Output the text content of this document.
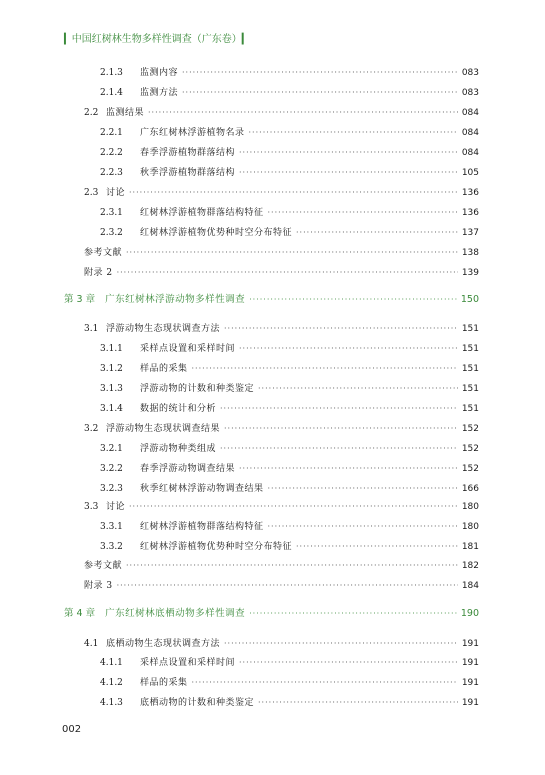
▎中国红树林生物多样性调查（广东卷）▎
2.1.3	监测内容 ·····	083
2.1.4	监测方法 ·····	083
2.2 监测结果 ·····	084
2.2.1	广东红树林浮游植物名录 ·····	084
2.2.2	春季浮游植物群落结构 ·····	084
2.2.3	秋季浮游植物群落结构 ·····	105
2.3 讨论 ·····	136
2.3.1	红树林浮游植物群落结构特征 ·····	136
2.3.2	红树林浮游植物优势种时空分布特征 ·····	137
参考文献 ·····	138
附录 2 ·····	139
第 3 章 广东红树林浮游动物多样性调查 ·····	150
3.1 浮游动物生态现状调查方法 ·····	151
3.1.1	采样点设置和采样时间 ·····	151
3.1.2	样品的采集 ·····	151
3.1.3	浮游动物的计数和种类鉴定 ·····	151
3.1.4	数据的统计和分析 ·····	151
3.2 浮游动物生态现状调查结果 ·····	152
3.2.1	浮游动物种类组成 ·····	152
3.2.2	春季浮游动物调查结果 ·····	152
3.2.3	秋季红树林浮游动物调查结果 ·····	166
3.3 讨论 ·····	180
3.3.1	红树林浮游植物群落结构特征 ·····	180
3.3.2	红树林浮游植物优势种时空分布特征 ·····	181
参考文献 ·····	182
附录 3 ·····	184
第 4 章 广东红树林底栖动物多样性调查 ·····	190
4.1 底栖动物生态现状调查方法 ·····	191
4.1.1	采样点设置和采样时间 ·····	191
4.1.2	样品的采集 ·····	191
4.1.3	底栖动物的计数和种类鉴定 ·····	191
002
